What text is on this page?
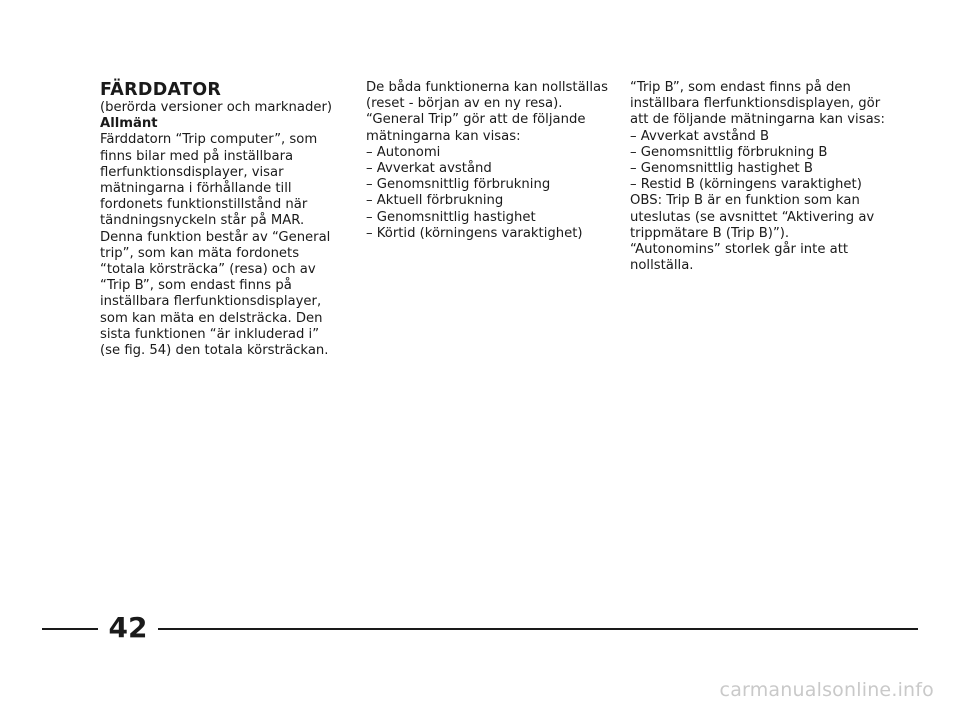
FÄRDDATOR

(berörda versioner och marknader)

Allmänt

Färddatorn “Trip computer”, som
finns bilar med på inställbara
flerfunktionsdisplayer, visar
mätningarna i förhållande till
fordonets funktionstillstånd när
tändningsnyckeln står på MAR.
Denna funktion består av “General
trip”, som kan mäta fordonets
“totala körsträcka” (resa) och av
“Trip B”, som endast finns på
inställbara flerfunktionsdisplayer,
som kan mäta en delsträcka. Den
sista funktionen “är inkluderad i”
(se fig. 54) den totala körsträckan.

De båda funktionerna kan nollställas
(reset - början av en ny resa).

“General Trip” gör att de följande
mätningarna kan visas:

– Autonomi

– Avverkat avstånd

– Genomsnittlig förbrukning

– Aktuell förbrukning

– Genomsnittlig hastighet

– Körtid (körningens varaktighet)

“Trip B”, som endast finns på den
inställbara flerfunktionsdisplayen, gör
att de följande mätningarna kan visas:

– Avverkat avstånd B

– Genomsnittlig förbrukning B

– Genomsnittlig hastighet B

– Restid B (körningens varaktighet)

OBS: Trip B är en funktion som kan
uteslutas (se avsnittet “Aktivering av
trippmätare B (Trip B)”).
“Autonomins” storlek går inte att
nollställa.

42
carmanualsonline.info
